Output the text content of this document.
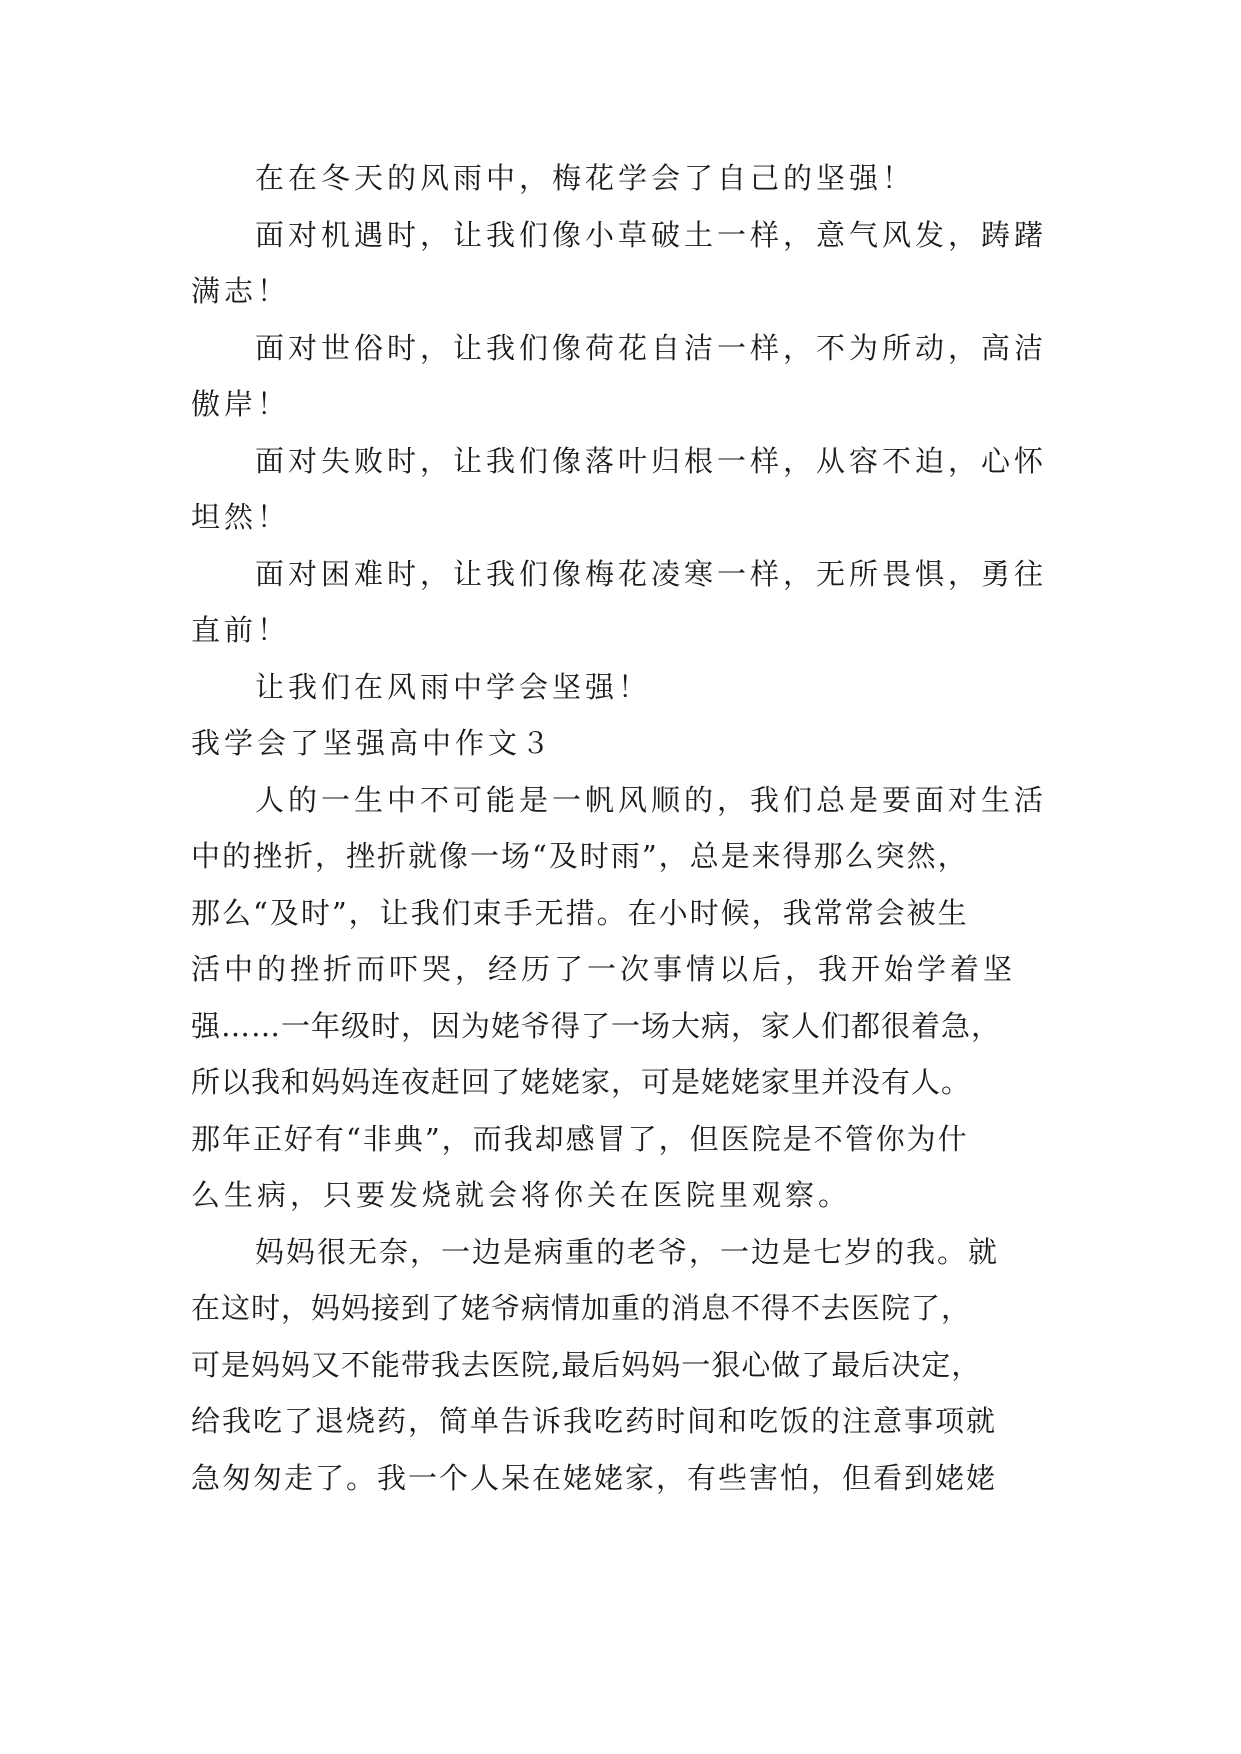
在在冬天的风雨中，梅花学会了自己的坚强！
面对机遇时，让我们像小草破土一样，意气风发，踌躇
满志！
面对世俗时，让我们像荷花自洁一样，不为所动，高洁
傲岸！
面对失败时，让我们像落叶归根一样，从容不迫，心怀
坦然！
面对困难时，让我们像梅花凌寒一样，无所畏惧，勇往
直前！
让我们在风雨中学会坚强！
我学会了坚强高中作文３
人的一生中不可能是一帆风顺的，我们总是要面对生活
中的挫折，挫折就像一场“及时雨”，总是来得那么突然，
那么“及时”，让我们束手无措。在小时候，我常常会被生
活中的挫折而吓哭，经历了一次事情以后，我开始学着坚
强……一年级时，因为姥爷得了一场大病，家人们都很着急，
所以我和妈妈连夜赶回了姥姥家，可是姥姥家里并没有人。
那年正好有“非典”，而我却感冒了，但医院是不管你为什
么生病，只要发烧就会将你关在医院里观察。
妈妈很无奈，一边是病重的老爷，一边是七岁的我。就
在这时，妈妈接到了姥爷病情加重的消息不得不去医院了，
可是妈妈又不能带我去医院,最后妈妈一狠心做了最后决定，
给我吃了退烧药，简单告诉我吃药时间和吃饭的注意事项就
急匆匆走了。我一个人呆在姥姥家，有些害怕，但看到姥姥
